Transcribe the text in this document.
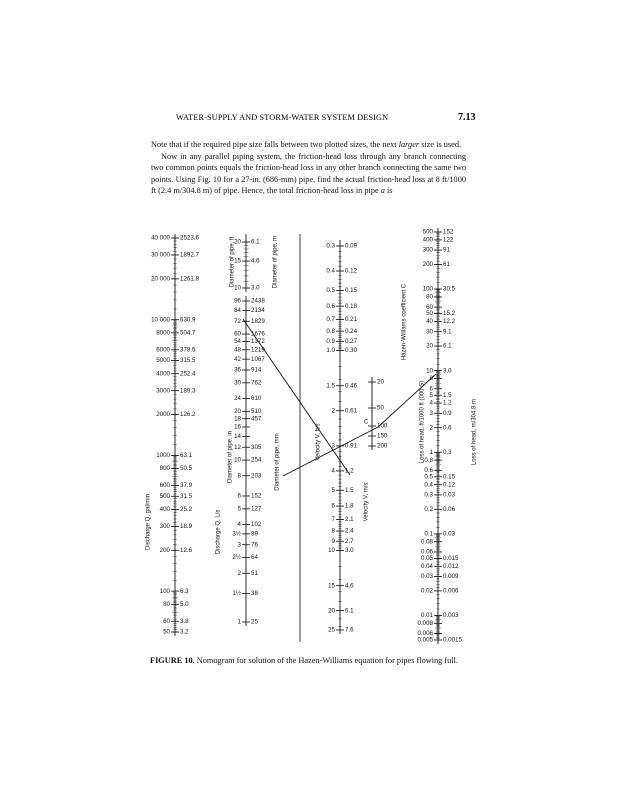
WATER-SUPPLY AND STORM-WATER SYSTEM DESIGN	7.13

Note that if the required pipe size falls between two plotted sizes, the next larger size is used.

Now in any parallel piping system, the friction-head loss through any branch connecting two common points equals the friction-head loss in any other branch connecting the same two points. Using Fig. 10 for a 27-in. (686-mm) pipe, find the actual friction-head loss at 8 ft/1000 ft (2.4 m/304.8 m) of pipe. Hence, the total friction-head loss in pipe a is

40 000 2523.6
30 000 1892.7
20 000 1261.8
10 000 630.9
8000 504.7
6000 378.5
5000 315.5
4000 252.4
3000 189.3
2000 126.2
1000 63.1
800 50.5
600 37.9
500 31.5
400 25.2
300 18.9
200 12.6
100 6.3
80 5.0
60 3.8
50 3.2
20 6.1
15 4.6
10 3.0
96 2438
84 2134
72 1829
60 1676
54 1372
48 1219
42 1067
36 914
30 762
24 610
20 510
18 457
16
14
12 305
10 254
8 203
6 152
5 127
4 102
3½ 89
3 76
2½ 64
2 51
1½ 38
1 25
0.3 0.09
0.4 0.12
0.5 0.15
0.6 0.18
0.7 0.21
0.8 0.24
0.9 0.27
1.0 0.30
1.5 0.46
2 0.61
3 0.91
4 1.2
5 1.5
6 1.8
7 2.1
8 2.4
9 2.7
10 3.0
15 4.6
20 6.1
25 7.6
20
50
100
150
200
500 152
400 122
300 91
200 61
100 30.5
80
60
50 15.2
40 12.2
30 9.1
20 6.1
10 3.0
8
6
5 1.5
4 1.2
3 0.9
2 0.6
1 0.3
0.8
0.6
0.5 0.15
0.4 0.12
0.3 0.03
0.2 0.06
0.1 0.03
0.08
0.06
0.05 0.015
0.04 0.012
0.03 0.009
0.02 0.006
0.01 0.003
0.008
0.006
0.005 0.0015
Discharge Q, gal/min	Discharge Q, L/s
Diameter of pipe, ft	Diameter of pipe, m
Diameter of pipe, in	Diameter of pipe, mm	Velocity V, ft/s
Velocity V, m/s
C
Hazen-Williams coefficient C
Loss of head, ft/1000 ft (000 S)	Loss of head, m/304.8 m
FIGURE 10. Nomogram for solution of the Hazen-Williams equation for pipes flowing full.
